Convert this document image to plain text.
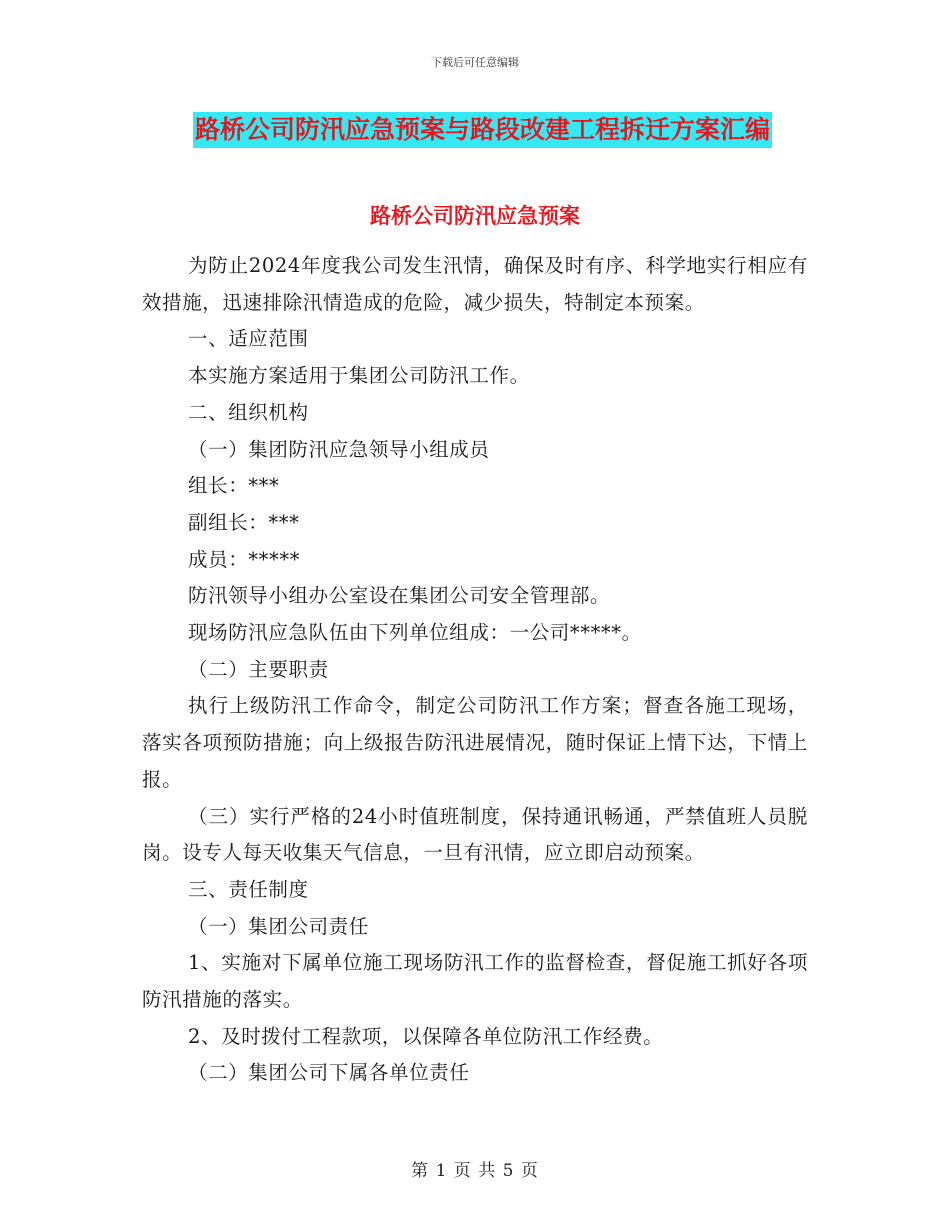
下载后可任意编辑
路桥公司防汛应急预案与路段改建工程拆迁方案汇编
路桥公司防汛应急预案

为防止2024年度我公司发生汛情，确保及时有序、科学地实行相应有效措施，迅速排除汛情造成的危险，减少损失，特制定本预案。

一、适应范围

本实施方案适用于集团公司防汛工作。

二、组织机构

（一）集团防汛应急领导小组成员

组长：***

副组长：***

成员：*****

防汛领导小组办公室设在集团公司安全管理部。

现场防汛应急队伍由下列单位组成：一公司*****。

（二）主要职责

执行上级防汛工作命令，制定公司防汛工作方案；督查各施工现场，落实各项预防措施；向上级报告防汛进展情况，随时保证上情下达，下情上报。

（三）实行严格的24小时值班制度，保持通讯畅通，严禁值班人员脱岗。设专人每天收集天气信息，一旦有汛情，应立即启动预案。

三、责任制度

（一）集团公司责任

1、实施对下属单位施工现场防汛工作的监督检查，督促施工抓好各项防汛措施的落实。

2、及时拨付工程款项，以保障各单位防汛工作经费。

（二）集团公司下属各单位责任

第 1 页 共 5 页
